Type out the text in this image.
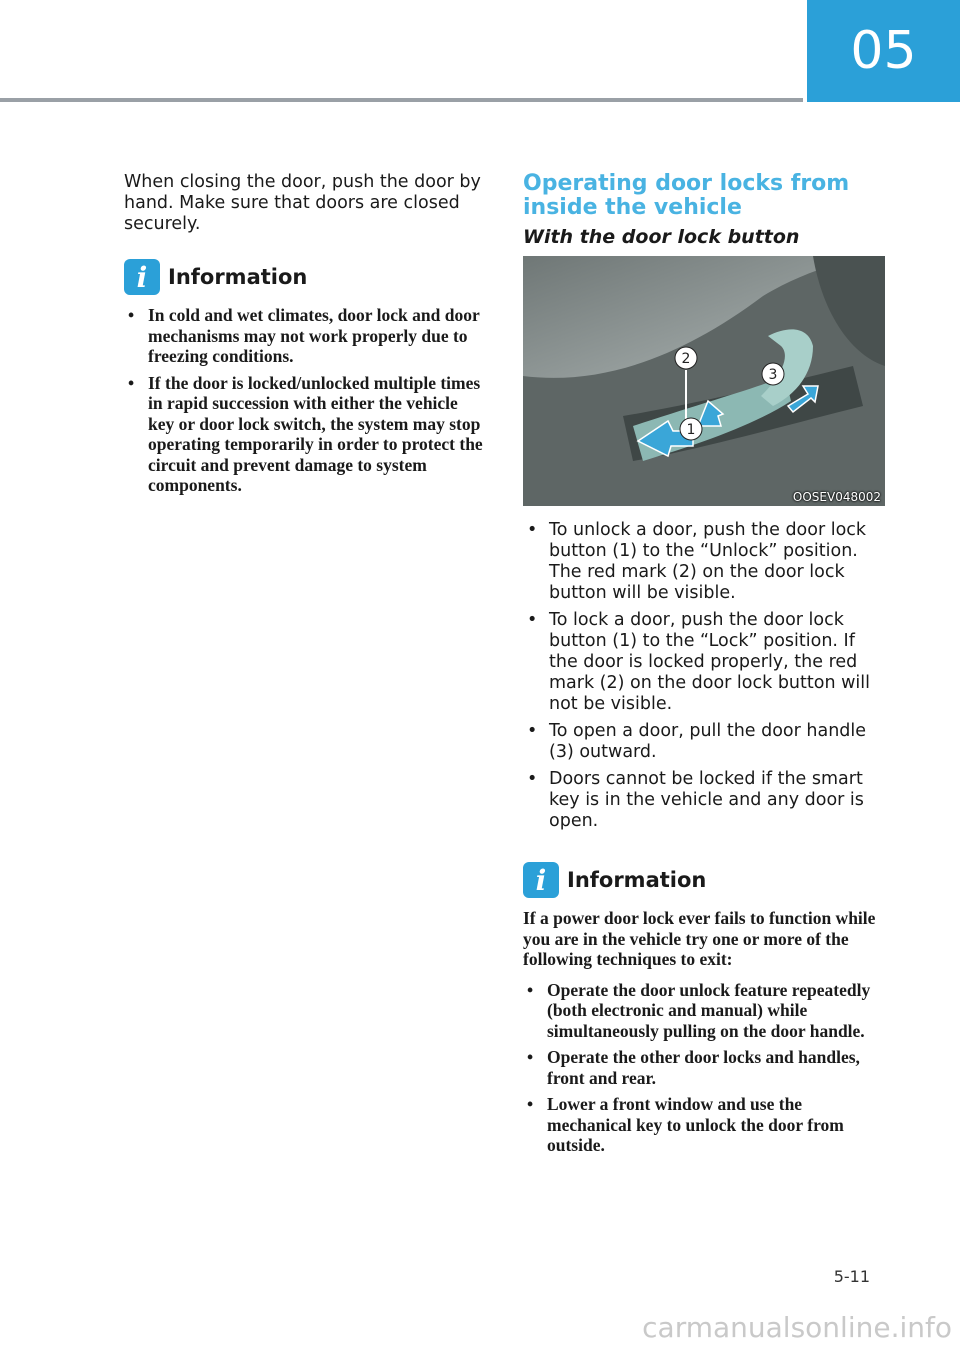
05

When closing the door, push the door by hand. Make sure that doors are closed securely.

i Information
• In cold and wet climates, door lock and door mechanisms may not work properly due to freezing conditions.
• If the door is locked/unlocked multiple times in rapid succession with either the vehicle key or door lock switch, the system may stop operating temporarily in order to protect the circuit and prevent damage to system components.
Operating door locks from inside the vehicle
With the door lock button
2
3
1
OOSEV048002
• To unlock a door, push the door lock button (1) to the “Unlock” position. The red mark (2) on the door lock button will be visible.
• To lock a door, push the door lock button (1) to the “Lock” position. If the door is locked properly, the red mark (2) on the door lock button will not be visible.
• To open a door, pull the door handle (3) outward.
• Doors cannot be locked if the smart key is in the vehicle and any door is open.
i Information

If a power door lock ever fails to function while you are in the vehicle try one or more of the following techniques to exit:

• Operate the door unlock feature repeatedly (both electronic and manual) while simultaneously pulling on the door handle.
• Operate the other door locks and handles, front and rear.
• Lower a front window and use the mechanical key to unlock the door from outside.
5-11
carmanualsonline.info
